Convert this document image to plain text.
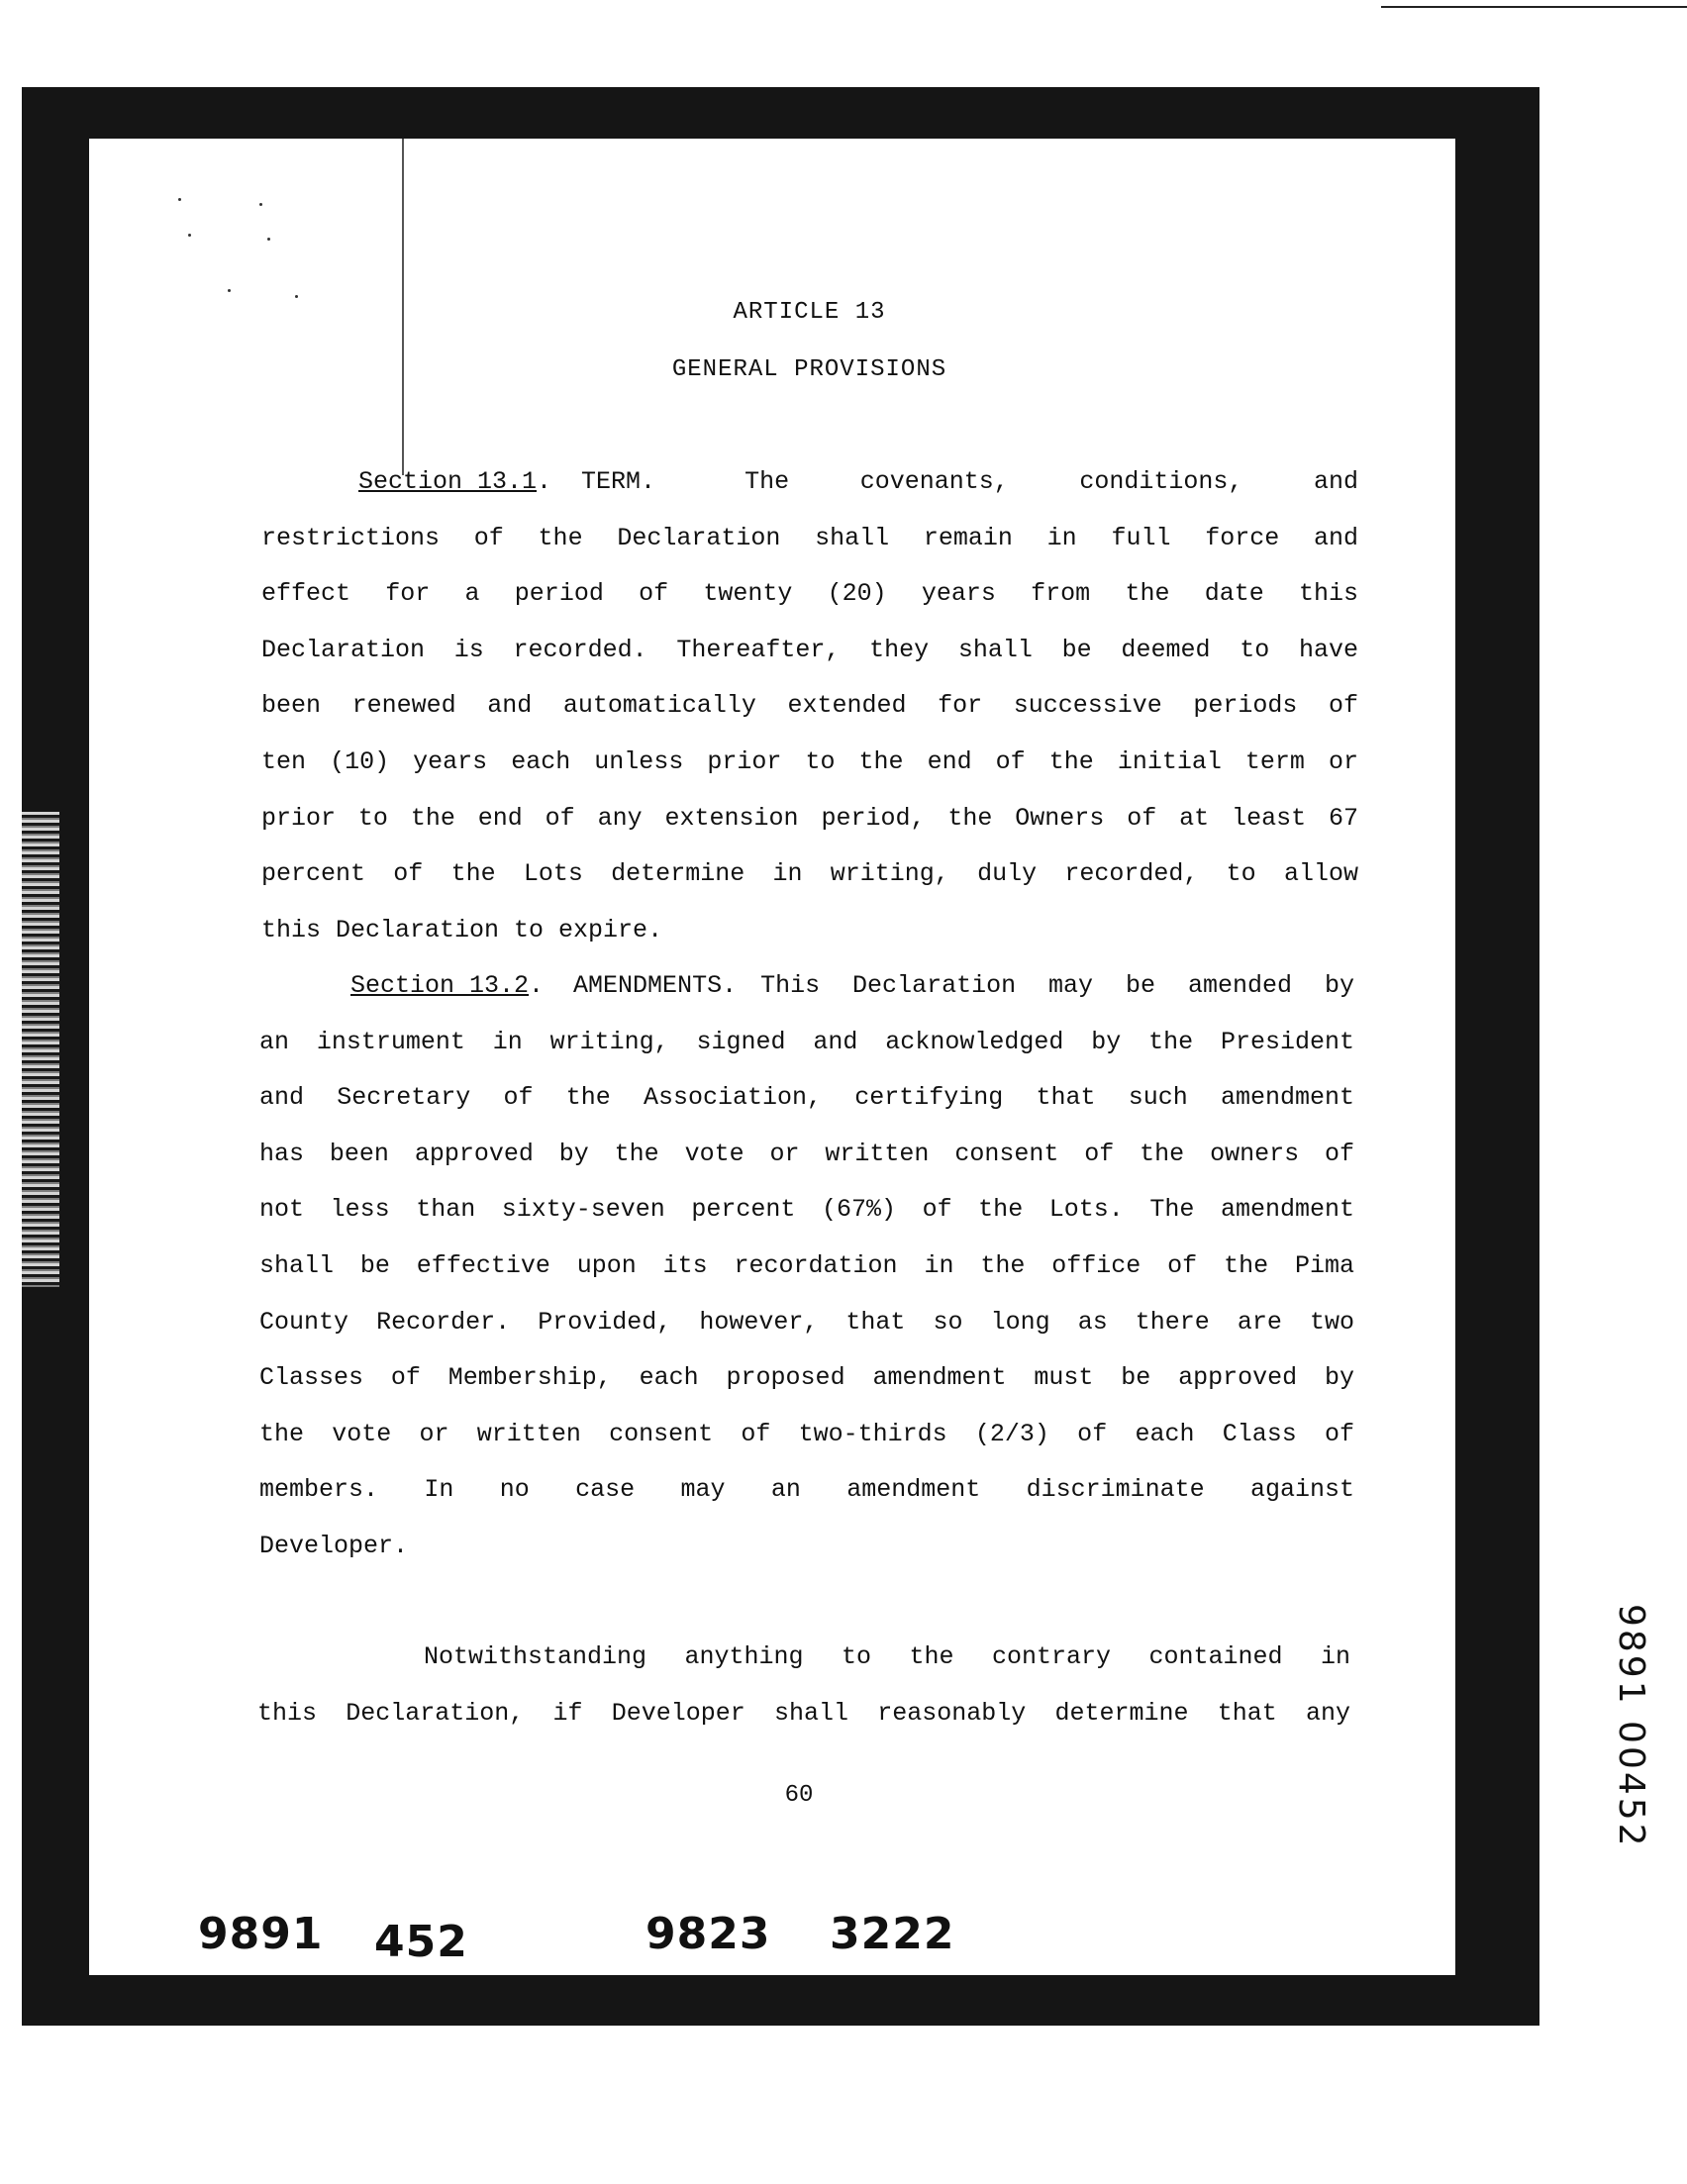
ARTICLE 13
GENERAL PROVISIONS
Section 13.1.  TERM.	The covenants, conditions, and
restrictions of the Declaration shall remain in full force and
effect for a period of twenty (20) years from the date this
Declaration is recorded. Thereafter, they shall be deemed to have
been renewed and automatically extended for successive periods of
ten (10) years each unless prior to the end of the initial term or
prior to the end of any extension period, the Owners of at least 67
percent of the Lots determine in writing, duly recorded, to allow
this Declaration to expire.
Section 13.2.  AMENDMENTS. This Declaration may be amended by
an instrument in writing, signed and acknowledged by the President
and Secretary of the Association, certifying that such amendment
has been approved by the vote or written consent of the owners of
not less than sixty-seven percent (67%) of the Lots. The amendment
shall be effective upon its recordation in the office of the Pima
County Recorder. Provided, however, that so long as there are two
Classes of Membership, each proposed amendment must be approved by
the vote or written consent of two-thirds (2/3) of each Class of
members. In no case may an amendment discriminate against
Developer.
Notwithstanding anything to the contrary contained in
this Declaration, if Developer shall reasonably determine that any
60
9891 452	9823 3222
9891 00452
